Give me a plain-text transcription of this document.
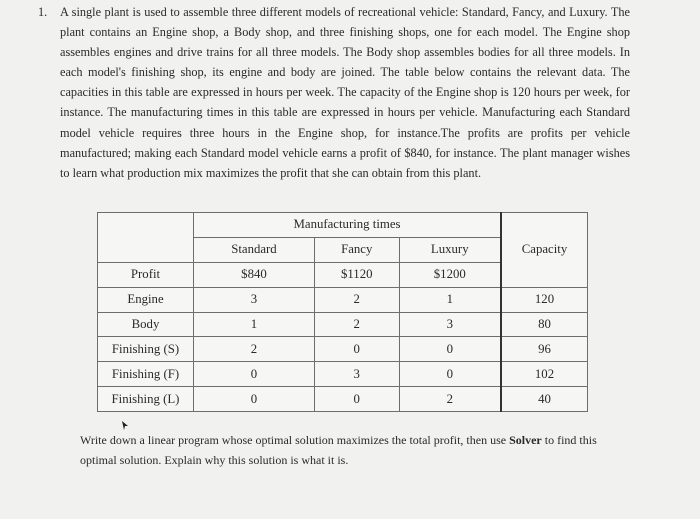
1. A single plant is used to assemble three different models of recreational vehicle: Standard, Fancy, and Luxury. The plant contains an Engine shop, a Body shop, and three finishing shops, one for each model. The Engine shop assembles engines and drive trains for all three models. The Body shop assembles bodies for all three models. In each model's finishing shop, its engine and body are joined. The table below contains the relevant data. The capacities in this table are expressed in hours per week. The capacity of the Engine shop is 120 hours per week, for instance. The manufacturing times in this table are expressed in hours per vehicle. Manufacturing each Standard model vehicle requires three hours in the Engine shop, for instance.The profits are profits per vehicle manufactured; making each Standard model vehicle earns a profit of $840, for instance. The plant manager wishes to learn what production mix maximizes the profit that she can obtain from this plant.
	Manufacturing times			
	Standard	Fancy	Luxury	Capacity
Profit	$840	$1120	$1200	
Engine	3	2	1	120
Body	1	2	3	80
Finishing (S)	2	0	0	96
Finishing (F)	0	3	0	102
Finishing (L)	0	0	2	40
Write down a linear program whose optimal solution maximizes the total profit, then use Solver to find this optimal solution. Explain why this solution is what it is.
